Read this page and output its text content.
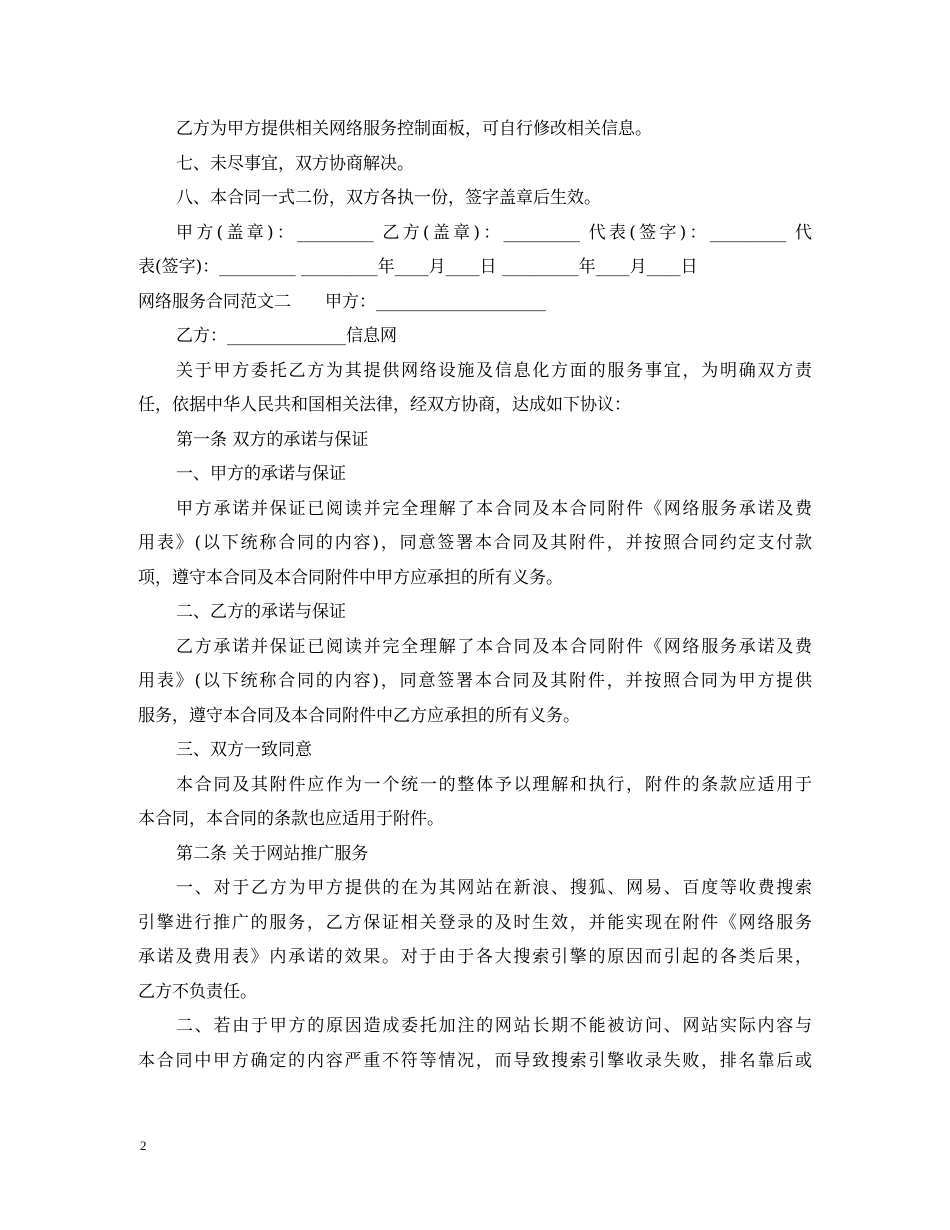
乙方为甲方提供相关网络服务控制面板，可自行修改相关信息。

七、未尽事宜，双方协商解决。

八、本合同一式二份，双方各执一份，签字盖章后生效。

甲方(盖章)：_________ 乙方(盖章)：_________ 代表(签字)：_________ 代

表(签字)：_________ _________年____月____日 _________年____月____日

网络服务合同范文二　　甲方：____________________

乙方：______________信息网

关于甲方委托乙方为其提供网络设施及信息化方面的服务事宜，为明确双方责

任，依据中华人民共和国相关法律，经双方协商，达成如下协议：

第一条 双方的承诺与保证

一、甲方的承诺与保证

甲方承诺并保证已阅读并完全理解了本合同及本合同附件《网络服务承诺及费

用表》(以下统称合同的内容)，同意签署本合同及其附件，并按照合同约定支付款

项，遵守本合同及本合同附件中甲方应承担的所有义务。

二、乙方的承诺与保证

乙方承诺并保证已阅读并完全理解了本合同及本合同附件《网络服务承诺及费

用表》(以下统称合同的内容)，同意签署本合同及其附件，并按照合同为甲方提供

服务，遵守本合同及本合同附件中乙方应承担的所有义务。

三、双方一致同意

本合同及其附件应作为一个统一的整体予以理解和执行，附件的条款应适用于

本合同，本合同的条款也应适用于附件。

第二条 关于网站推广服务

一、对于乙方为甲方提供的在为其网站在新浪、搜狐、网易、百度等收费搜索

引擎进行推广的服务，乙方保证相关登录的及时生效，并能实现在附件《网络服务

承诺及费用表》内承诺的效果。对于由于各大搜索引擎的原因而引起的各类后果，

乙方不负责任。

二、若由于甲方的原因造成委托加注的网站长期不能被访问、网站实际内容与

本合同中甲方确定的内容严重不符等情况，而导致搜索引擎收录失败，排名靠后或

2
